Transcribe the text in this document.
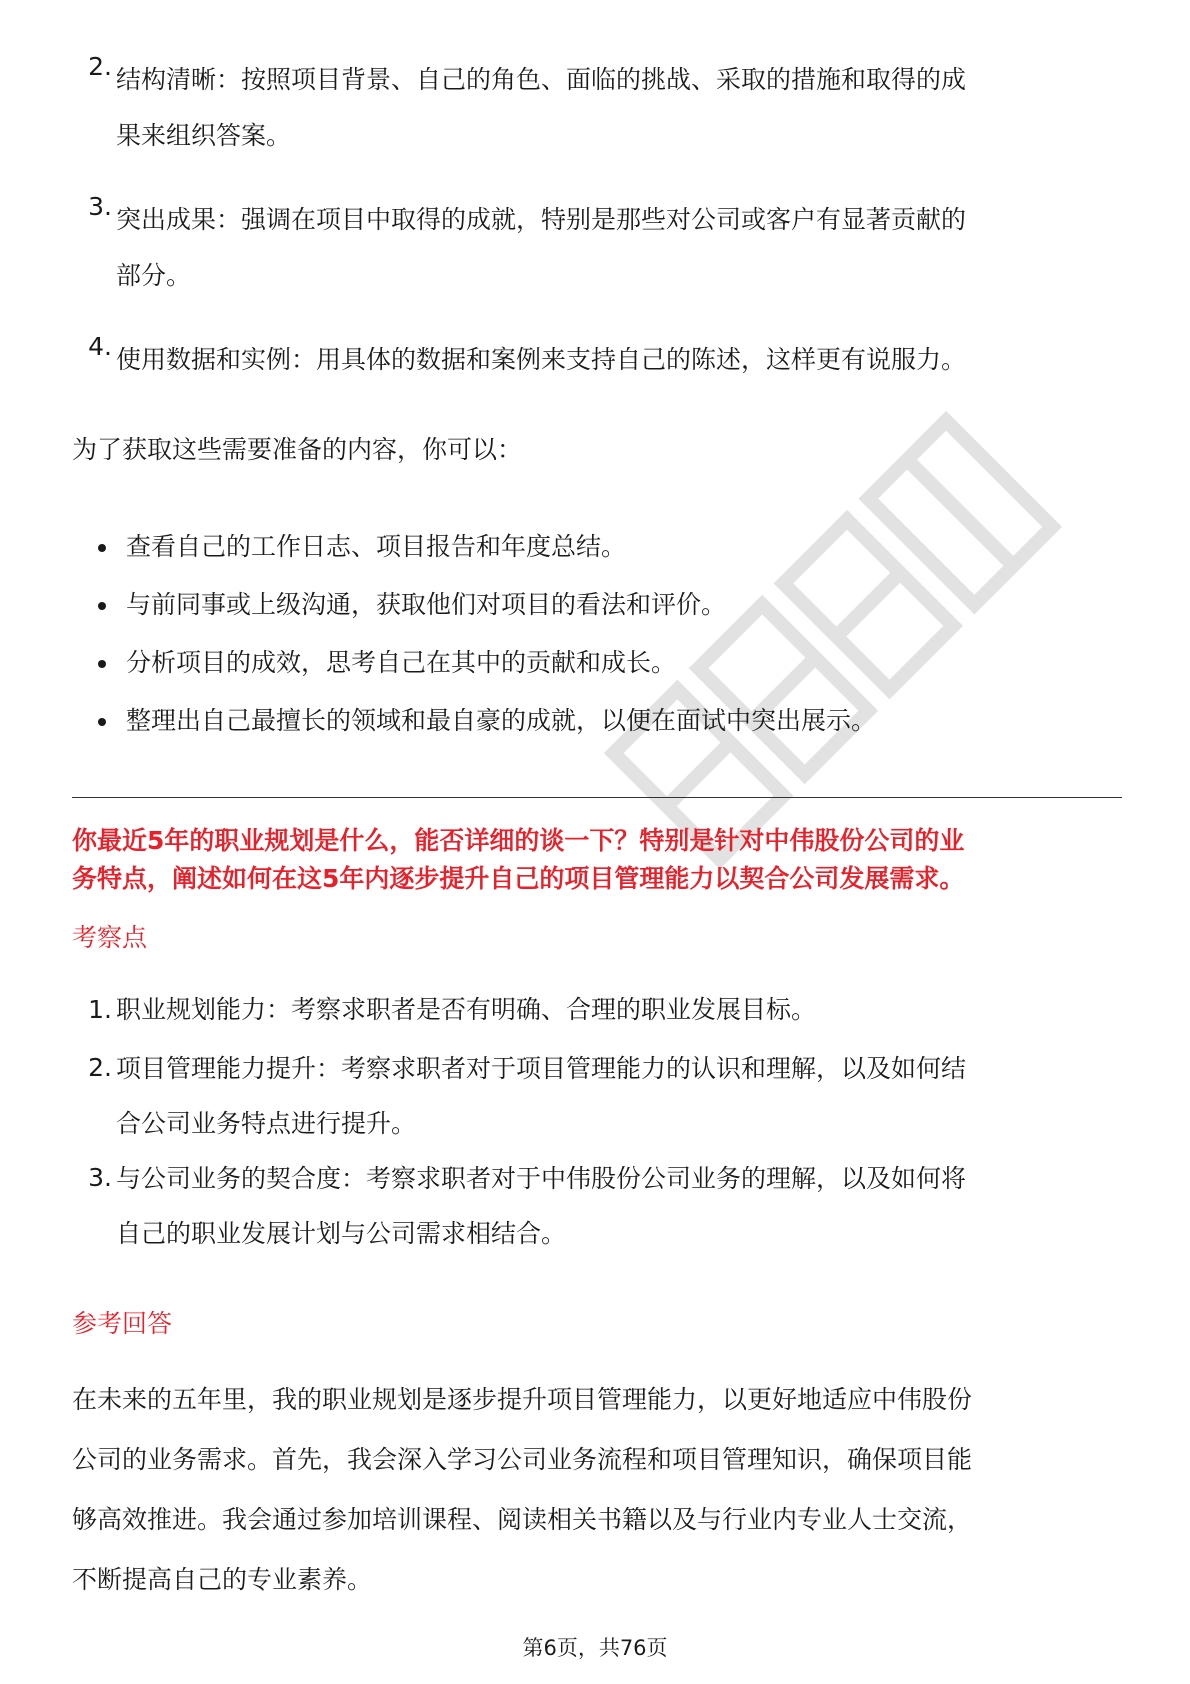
2. 结构清晰：按照项目背景、自己的角色、面临的挑战、采取的措施和取得的成
果来组织答案。
3. 突出成果：强调在项目中取得的成就，特别是那些对公司或客户有显著贡献的
部分。
4. 使用数据和实例：用具体的数据和案例来支持自己的陈述，这样更有说服力。
为了获取这些需要准备的内容，你可以：
查看自己的工作日志、项目报告和年度总结。
与前同事或上级沟通，获取他们对项目的看法和评价。
分析项目的成效，思考自己在其中的贡献和成长。
整理出自己最擅长的领域和最自豪的成就，以便在面试中突出展示。
你最近5年的职业规划是什么，能否详细的谈一下？特别是针对中伟股份公司的业
务特点，阐述如何在这5年内逐步提升自己的项目管理能力以契合公司发展需求。
考察点
1. 职业规划能力：考察求职者是否有明确、合理的职业发展目标。
2. 项目管理能力提升：考察求职者对于项目管理能力的认识和理解，以及如何结
合公司业务特点进行提升。
3. 与公司业务的契合度：考察求职者对于中伟股份公司业务的理解，以及如何将
自己的职业发展计划与公司需求相结合。
参考回答
在未来的五年里，我的职业规划是逐步提升项目管理能力，以更好地适应中伟股份
公司的业务需求。首先，我会深入学习公司业务流程和项目管理知识，确保项目能
够高效推进。我会通过参加培训课程、阅读相关书籍以及与行业内专业人士交流，
不断提高自己的专业素养。
第6页，共76页
